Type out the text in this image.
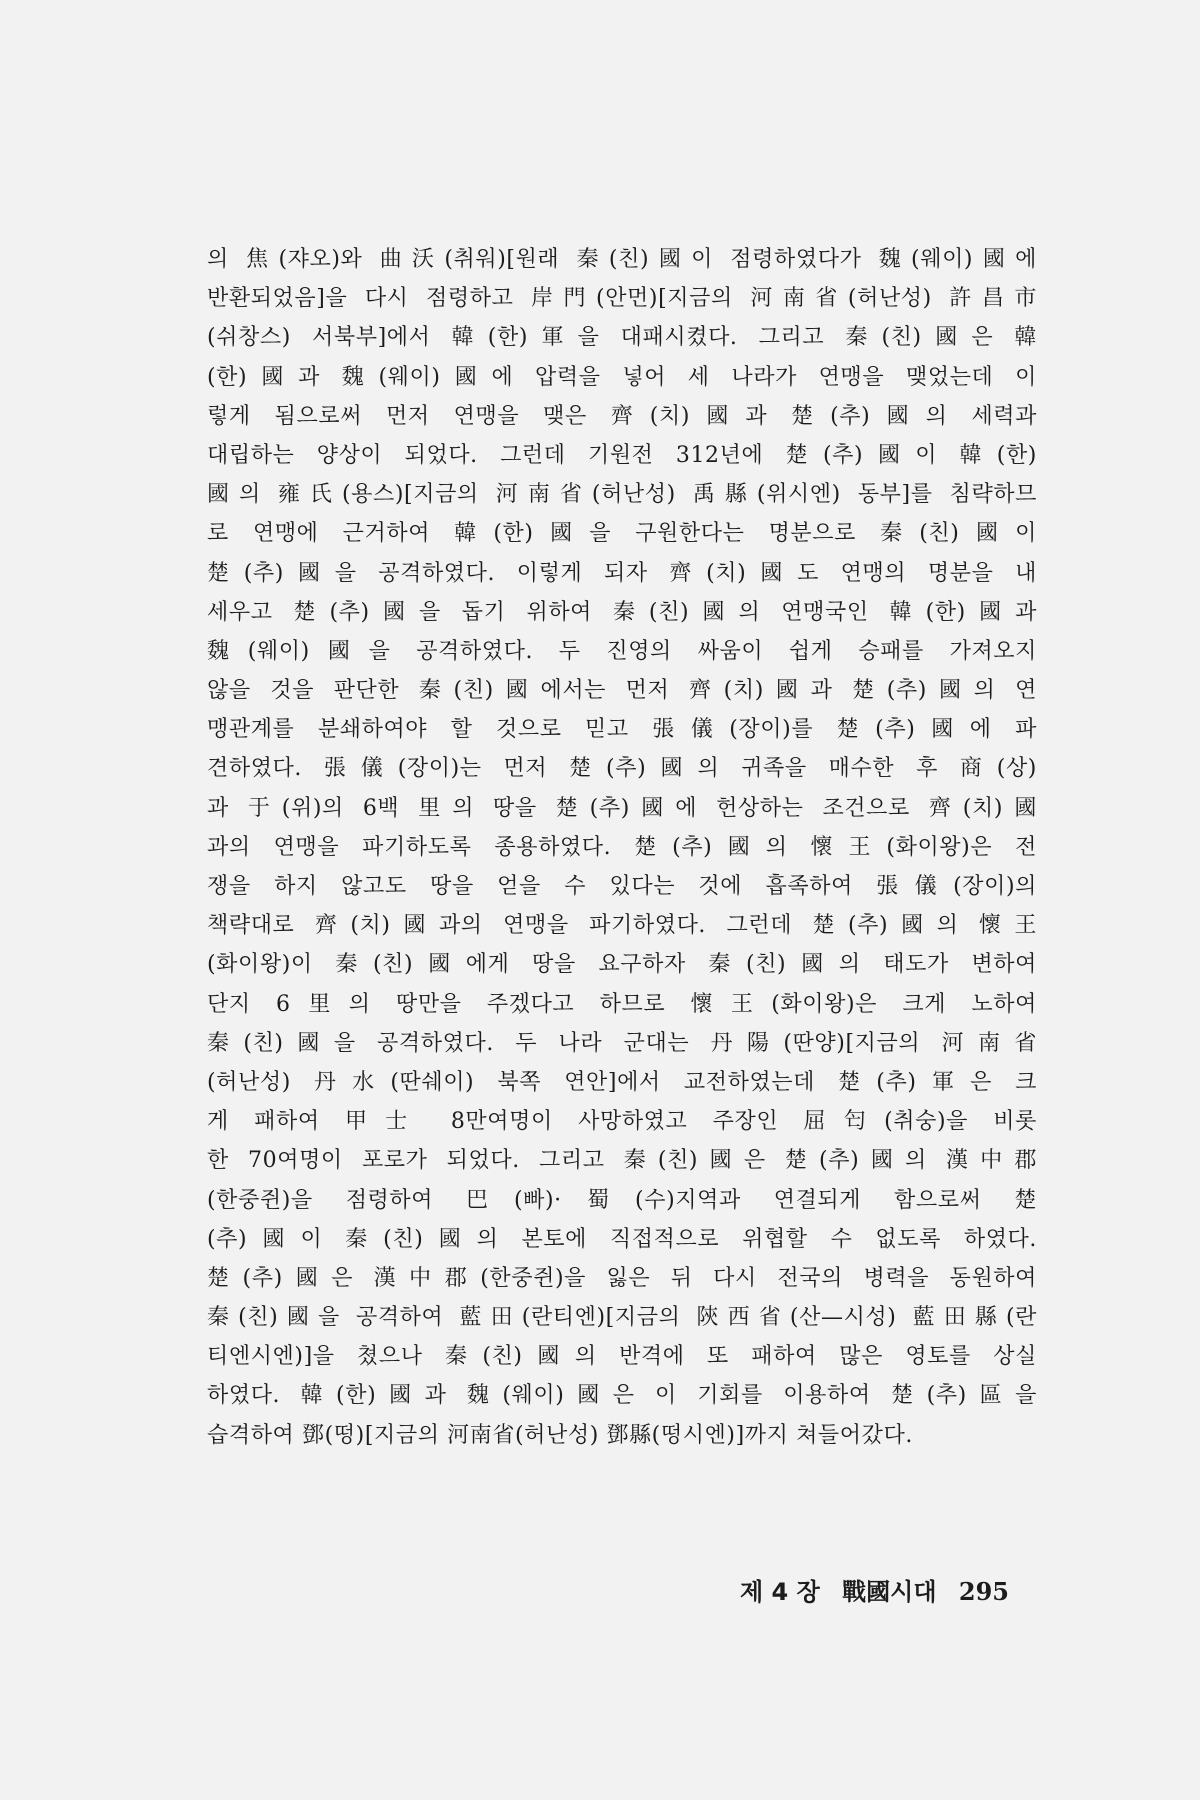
의 焦(쟈오)와 曲沃(취워)[원래 秦(친)國이 점령하였다가 魏(웨이)國에
반환되었음]을 다시 점령하고 岸門(안먼)[지금의 河南省(허난성) 許昌市
(쉬창스) 서북부]에서 韓(한)軍을 대패시켰다. 그리고 秦(친)國은 韓
(한)國과 魏(웨이)國에 압력을 넣어 세 나라가 연맹을 맺었는데 이
렇게 됨으로써 먼저 연맹을 맺은 齊(치)國과 楚(추)國의 세력과
대립하는 양상이 되었다. 그런데 기원전 312년에 楚(추)國이 韓(한)
國의 雍氏(용스)[지금의 河南省(허난성) 禹縣(위시엔) 동부]를 침략하므
로 연맹에 근거하여 韓(한)國을 구원한다는 명분으로 秦(친)國이
楚(추)國을 공격하였다. 이렇게 되자 齊(치)國도 연맹의 명분을 내
세우고 楚(추)國을 돕기 위하여 秦(친)國의 연맹국인 韓(한)國과
魏(웨이)國을 공격하였다. 두 진영의 싸움이 쉽게 승패를 가져오지
않을 것을 판단한 秦(친)國에서는 먼저 齊(치)國과 楚(추)國의 연
맹관계를 분쇄하여야 할 것으로 믿고 張儀(장이)를 楚(추)國에 파
견하였다. 張儀(장이)는 먼저 楚(추)國의 귀족을 매수한 후 商(상)
과 于(위)의 6백 里의 땅을 楚(추)國에 헌상하는 조건으로 齊(치)國
과의 연맹을 파기하도록 종용하였다. 楚(추)國의 懷王(화이왕)은 전
쟁을 하지 않고도 땅을 얻을 수 있다는 것에 흡족하여 張儀(장이)의
책략대로 齊(치)國과의 연맹을 파기하였다. 그런데 楚(추)國의 懷王
(화이왕)이 秦(친)國에게 땅을 요구하자 秦(친)國의 태도가 변하여
단지 6里의 땅만을 주겠다고 하므로 懷王(화이왕)은 크게 노하여
秦(친)國을 공격하였다. 두 나라 군대는 丹陽(딴양)[지금의 河南省
(허난성) 丹水(딴쉐이) 북쪽 연안]에서 교전하였는데 楚(추)軍은 크
게 패하여 甲士 8만여명이 사망하였고 주장인 屈匄(취숭)을 비롯
한 70여명이 포로가 되었다. 그리고 秦(친)國은 楚(추)國의 漢中郡
(한중쥔)을 점령하여 巴(빠)·蜀(수)지역과 연결되게 함으로써 楚
(추)國이 秦(친)國의 본토에 직접적으로 위협할 수 없도록 하였다.
楚(추)國은 漢中郡(한중쥔)을 잃은 뒤 다시 전국의 병력을 동원하여
秦(친)國을 공격하여 藍田(란티엔)[지금의 陝西省(산—시성) 藍田縣(란
티엔시엔)]을 쳤으나 秦(친)國의 반격에 또 패하여 많은 영토를 상실
하였다. 韓(한)國과 魏(웨이)國은 이 기회를 이용하여 楚(추)區을
습격하여 鄧(떵)[지금의 河南省(허난성) 鄧縣(떵시엔)]까지 쳐들어갔다.
제 4 장 戰國시대 295
